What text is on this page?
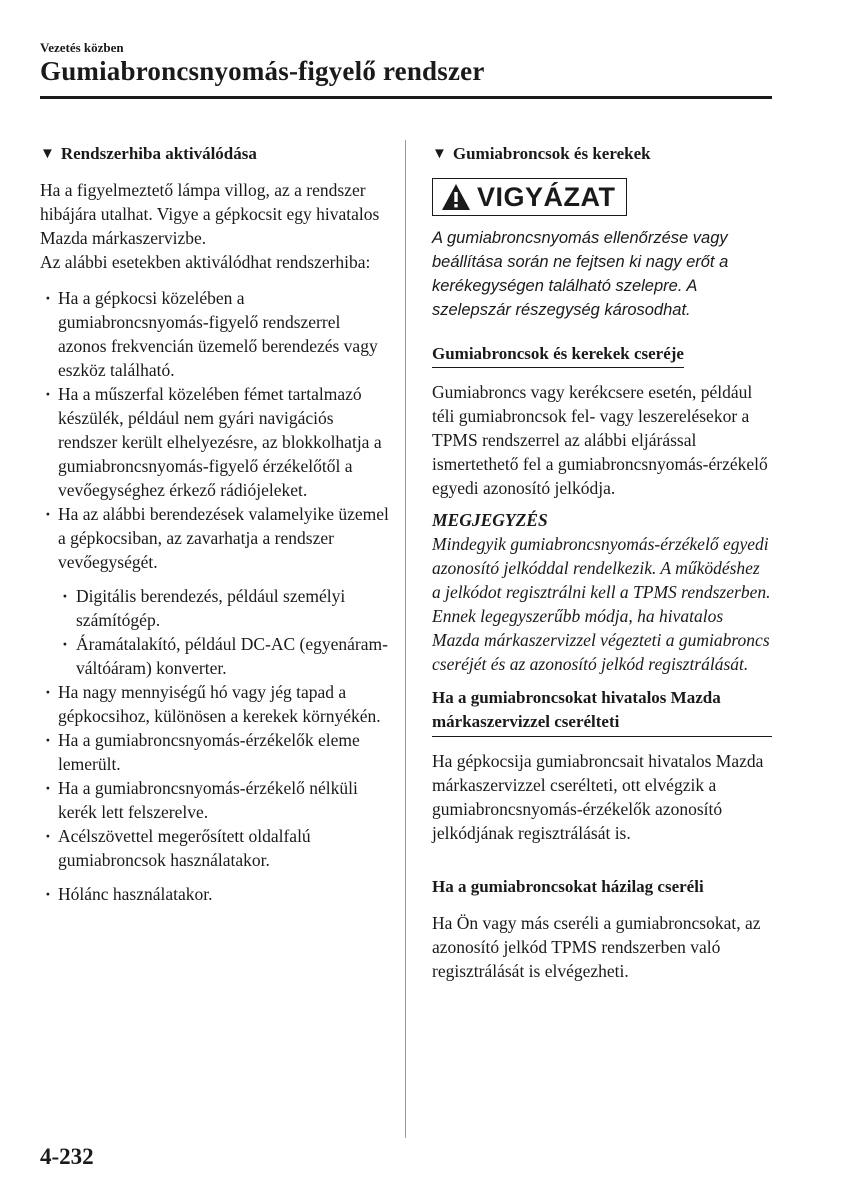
Vezetés közben
Gumiabroncsnyomás-figyelő rendszer
▼ Rendszerhiba aktiválódása

Ha a figyelmeztető lámpa villog, az a rendszer hibájára utalhat. Vigye a gépkocsit egy hivatalos Mazda márkaszervizbe.

Az alábbi esetekben aktiválódhat rendszerhiba:

· Ha a gépkocsi közelében a gumiabroncsnyomás-figyelő rendszerrel azonos frekvencián üzemelő berendezés vagy eszköz található.
· Ha a műszerfal közelében fémet tartalmazó készülék, például nem gyári navigációs rendszer került elhelyezésre, az blokkolhatja a gumiabroncsnyomás-figyelő érzékelőtől a vevőegységhez érkező rádiójeleket.
· Ha az alábbi berendezések valamelyike üzemel a gépkocsiban, az zavarhatja a rendszer vevőegységét.
· Digitális berendezés, például személyi számítógép.
· Áramátalakító, például DC-AC (egyenáram-váltóáram) konverter.
· Ha nagy mennyiségű hó vagy jég tapad a gépkocsihoz, különösen a kerekek környékén.
· Ha a gumiabroncsnyomás-érzékelők eleme lemerült.
· Ha a gumiabroncsnyomás-érzékelő nélküli kerék lett felszerelve.
· Acélszövettel megerősített oldalfalú gumiabroncsok használatakor.
· Hólánc használatakor.
▼ Gumiabroncsok és kerekek
VIGYÁZAT

A gumiabroncsnyomás ellenőrzése vagy beállítása során ne fejtsen ki nagy erőt a kerékegységen található szelepre. A szelepszár részegység károsodhat.

Gumiabroncsok és kerekek cseréje

Gumiabroncs vagy kerékcsere esetén, például téli gumiabroncsok fel- vagy leszerelésekor a TPMS rendszerrel az alábbi eljárással ismertethető fel a gumiabroncsnyomás-érzékelő egyedi azonosító jelkódja.

MEGJEGYZÉS

Mindegyik gumiabroncsnyomás-érzékelő egyedi azonosító jelkóddal rendelkezik. A működéshez a jelkódot regisztrálni kell a TPMS rendszerben. Ennek legegyszerűbb módja, ha hivatalos Mazda márkaszervizzel végezteti a gumiabroncs cseréjét és az azonosító jelkód regisztrálását.

Ha a gumiabroncsokat hivatalos Mazda márkaszervizzel cserélteti

Ha gépkocsija gumiabroncsait hivatalos Mazda márkaszervizzel cserélteti, ott elvégzik a gumiabroncsnyomás-érzékelők azonosító jelkódjának regisztrálását is.

Ha a gumiabroncsokat házilag cseréli

Ha Ön vagy más cseréli a gumiabroncsokat, az azonosító jelkód TPMS rendszerben való regisztrálását is elvégezheti.

4-232
